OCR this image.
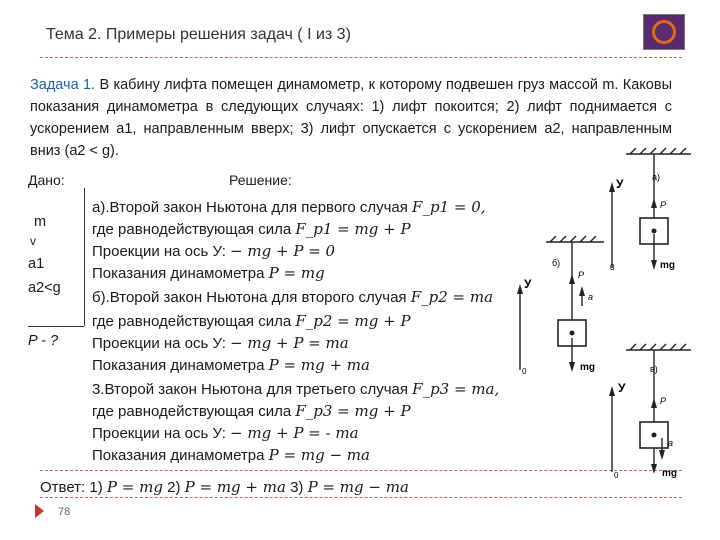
Тема 2. Примеры решения задач ( I из 3)
Задача 1. В кабину лифта помещен динамометр, к которому подвешен груз массой m. Каковы показания динамометра в следующих случаях: 1) лифт покоится; 2) лифт поднимается с ускорением a1, направленным вверх; 3) лифт опускается с ускорением a2, направленным вниз (a2 < g).
Дано:
m
v
a1
a2<g
P - ?
Решение:
а).Второй закон Ньютона для первого случая F_p1 = 0,
где равнодействующая сила F_p1 = mg + P
Проекции на ось У: − mg + P = 0
Показания динамометра P = mg
б).Второй закон Ньютона для второго случая F_p2 = ma
где равнодействующая сила F_p2 = mg + P
Проекции на ось У: − mg + P = ma
Показания динамометра P = mg + ma
3.Второй закон Ньютона для третьего случая F_p3 = ma,
где равнодействующая сила F_p3 = mg + P
Проекции на ось У: − mg + P = - ma
Показания динамометра P = mg − ma
Ответ: 1) P = mg 2) P = mg + ma 3) P = mg − ma
78
а)
У
0
P
mg
б)
У
0
P
a
mg	в)
У
0
P
a
mg
